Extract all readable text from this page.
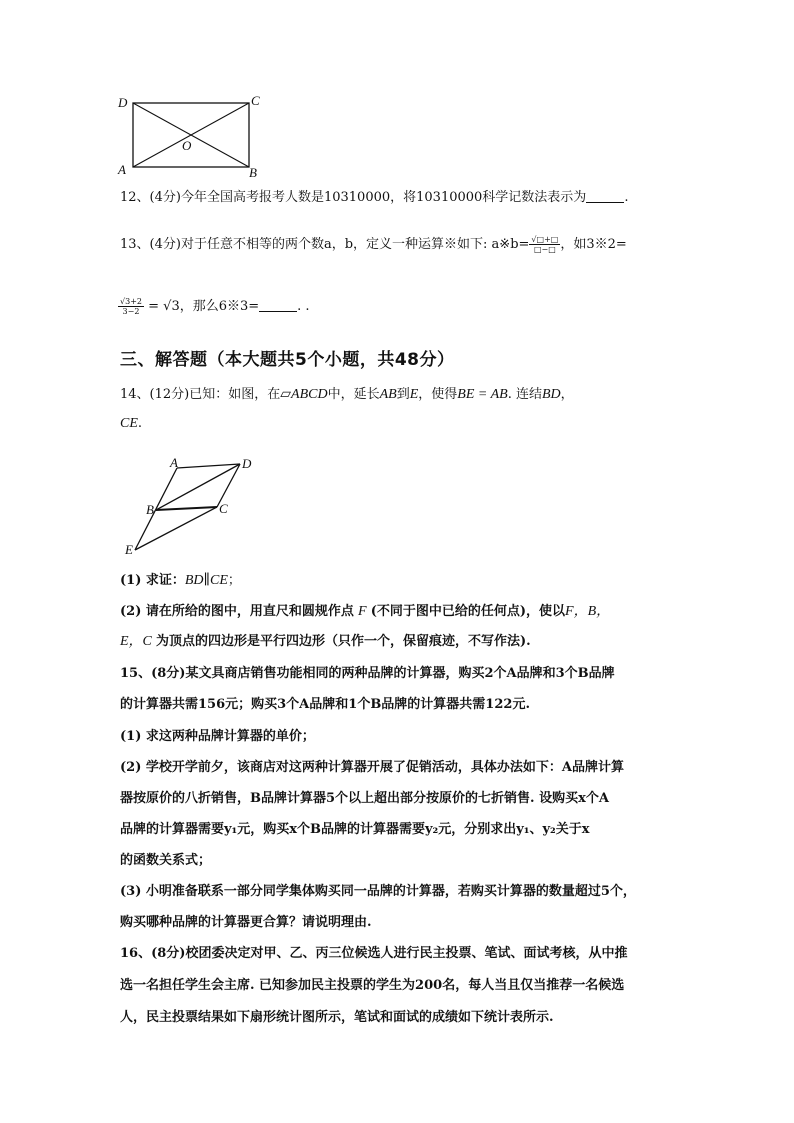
D	C
A	B
O
12、(4分)今年全国高考报考人数是10310000，将10310000科学记数法表示为	.
13、(4分)对于任意不相等的两个数a，b，定义一种运算※如下: a※b= $\frac{√□+□}{□-□}$ ，如3※2=
$\frac{√3+2}{3-2} = √3$，那么6※3=	. .
三、解答题（本大题共5个小题，共48分）
14、(12分)已知：如图，在▱ABCD中，延长AB到E，使得BE = AB. 连结BD，
CE.
A	D
B	C
E
(1) 求证：BD∥CE；
(2) 请在所给的图中，用直尺和圆规作点 F (不同于图中已给的任何点)，使以F，B，
E，C 为顶点的四边形是平行四边形（只作一个，保留痕迹，不写作法).
15、(8分)某文具商店销售功能相同的两种品牌的计算器，购买2个A品牌和3个B品牌
的计算器共需156元；购买3个A品牌和1个B品牌的计算器共需122元.
(1) 求这两种品牌计算器的单价；
(2) 学校开学前夕，该商店对这两种计算器开展了促销活动，具体办法如下：A品牌计算
器按原价的八折销售，B品牌计算器5个以上超出部分按原价的七折销售. 设购买x个A
品牌的计算器需要y₁元，购买x个B品牌的计算器需要y₂元，分别求出y₁、y₂关于x
的函数关系式；
(3) 小明准备联系一部分同学集体购买同一品牌的计算器，若购买计算器的数量超过5个，
购买哪种品牌的计算器更合算？请说明理由.
16、(8分)校团委决定对甲、乙、丙三位候选人进行民主投票、笔试、面试考核，从中推
选一名担任学生会主席. 已知参加民主投票的学生为200名，每人当且仅当推荐一名候选
人，民主投票结果如下扇形统计图所示，笔试和面试的成绩如下统计表所示.
